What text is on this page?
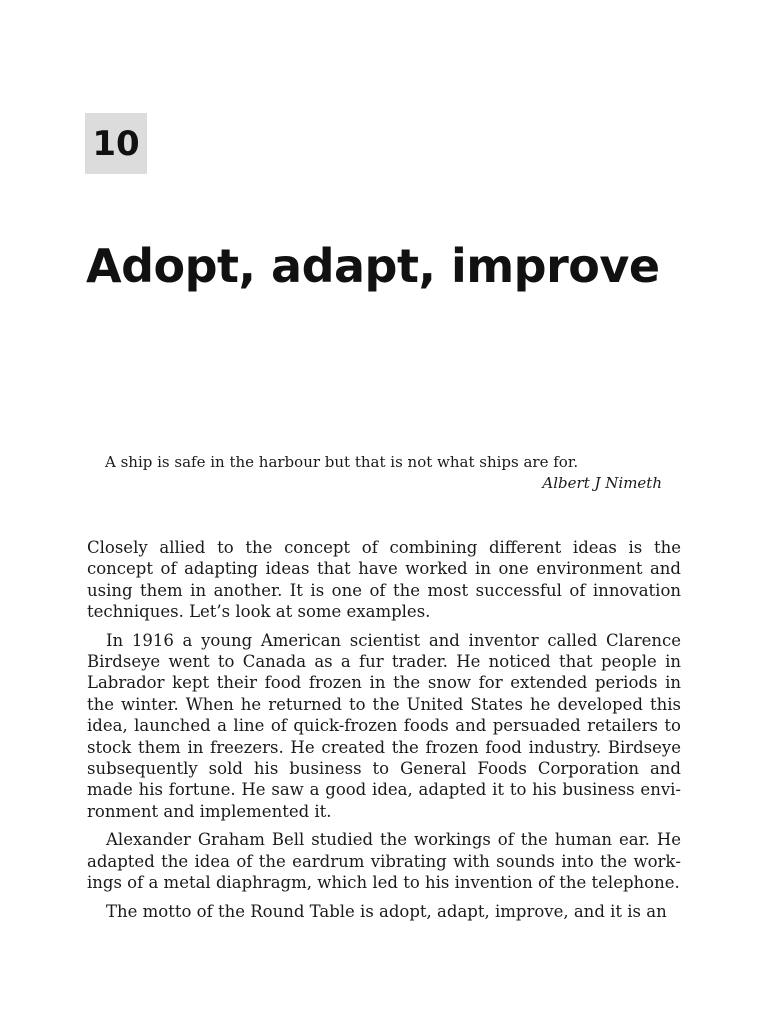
10
Adopt, adapt, improve

A ship is safe in the harbour but that is not what ships are for.

Albert J Nimeth

Closely allied to the concept of combining different ideas is the concept of adapting ideas that have worked in one environment and using them in another. It is one of the most successful of innovation techniques. Let’s look at some examples.

In 1916 a young American scientist and inventor called Clarence Birdseye went to Canada as a fur trader. He noticed that people in Labrador kept their food frozen in the snow for extended periods in the winter. When he returned to the United States he developed this idea, launched a line of quick-frozen foods and persuaded retailers to stock them in freezers. He created the frozen food industry. Birdseye subsequently sold his business to General Foods Corporation and made his fortune. He saw a good idea, adapted it to his business environment and implemented it.

Alexander Graham Bell studied the workings of the human ear. He adapted the idea of the eardrum vibrating with sounds into the workings of a metal diaphragm, which led to his invention of the telephone.

The motto of the Round Table is adopt, adapt, improve, and it is an
